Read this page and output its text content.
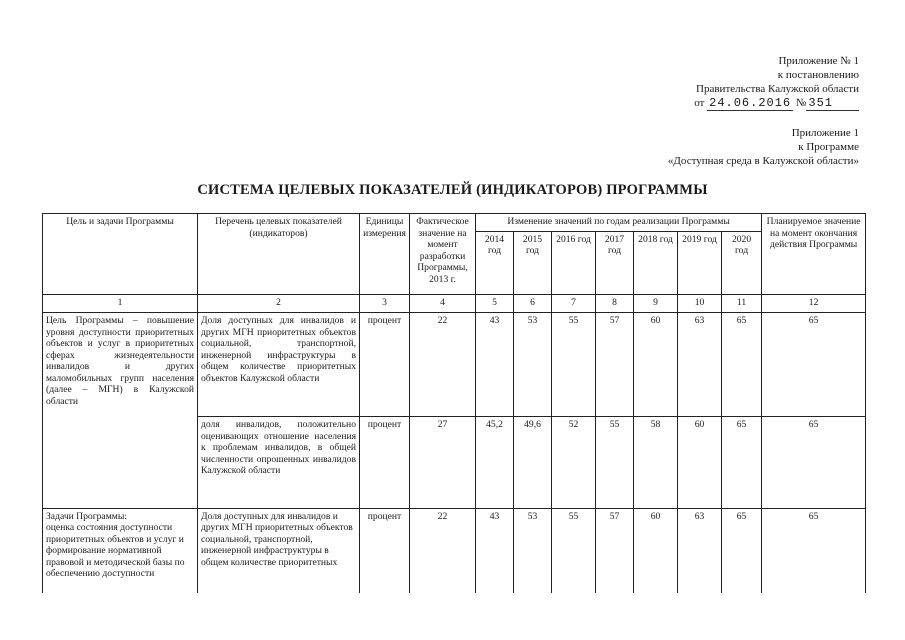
Приложение № 1
к постановлению
Правительства Калужской области
от 24.06.2016 № 351
Приложение 1
к Программе
«Доступная среда в Калужской области»
СИСТЕМА ЦЕЛЕВЫХ ПОКАЗАТЕЛЕЙ (ИНДИКАТОРОВ) ПРОГРАММЫ
Цель и задачи Программы	Перечень целевых показателей (индикаторов)	Единицы измерения	Фактическое значение на момент разработки Программы, 2013 г.	Изменение значений по годам реализации Программы							Планируемое значение на момент окончания действия Программы
				2014 год	2015 год	2016 год	2017 год	2018 год	2019 год	2020 год	
1	2	3	4	5	6	7	8	9	10	11	12
Цель Программы – повышение уровня доступности приоритетных объектов и услуг в приоритетных сферах жизнедеятельности инвалидов и других маломобильных групп населения (далее – МГН) в Калужской области	Доля доступных для инвалидов и других МГН приоритетных объектов социальной, транспортной, инженерной инфраструктуры в общем количестве приоритетных объектов Калужской области	процент	22	43	53	55	57	60	63	65	65
	доля инвалидов, положительно оценивающих отношение населения к проблемам инвалидов, в общей численности опрошенных инвалидов Калужской области	процент	27	45,2	49,6	52	55	58	60	65	65
Задачи Программы:
оценка состояния доступности приоритетных объектов и услуг и формирование нормативной правовой и методической базы по обеспечению доступности	Доля доступных для инвалидов и других МГН приоритетных объектов социальной, транспортной, инженерной инфраструктуры в общем количестве приоритетных	процент	22	43	53	55	57	60	63	65	65
